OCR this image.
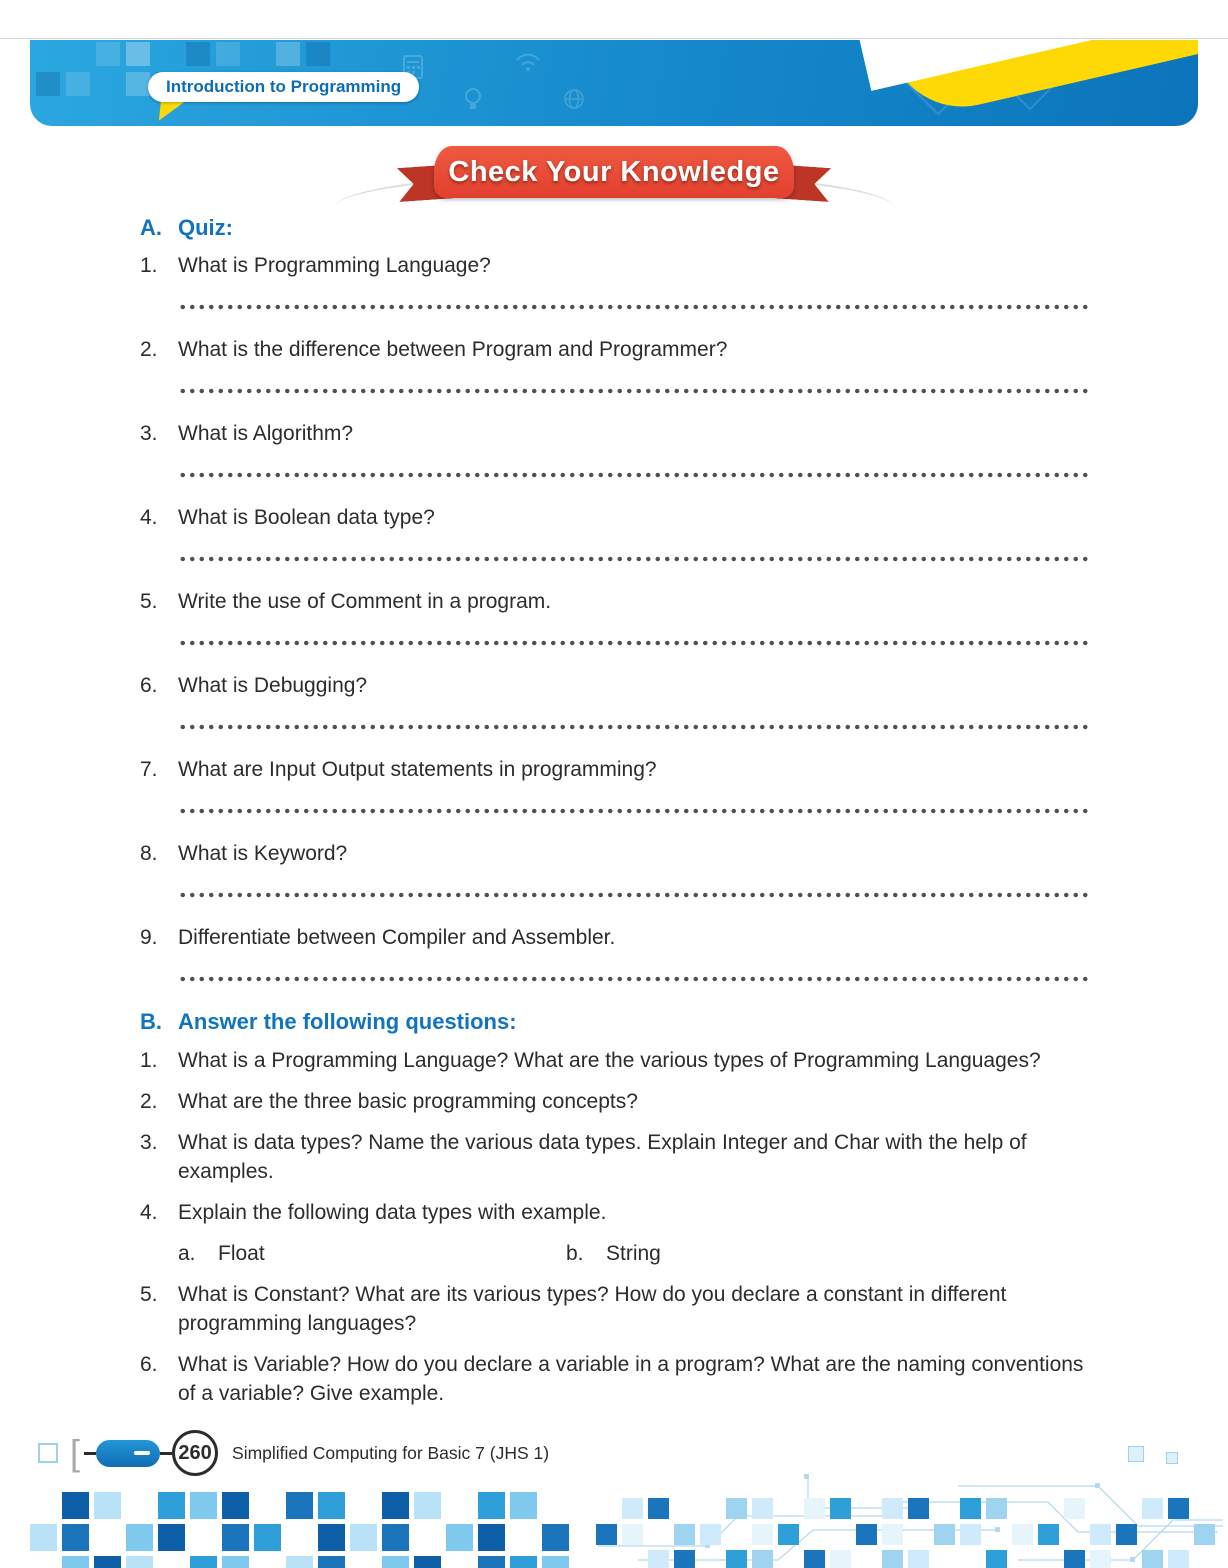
Introduction to Programming
Check Your Knowledge
A. Quiz:
1. What is Programming Language?
2. What is the difference between Program and Programmer?
3. What is Algorithm?
4. What is Boolean data type?
5. Write the use of Comment in a program.
6. What is Debugging?
7. What are Input Output statements in programming?
8. What is Keyword?
9. Differentiate between Compiler and Assembler.
B. Answer the following questions:
1. What is a Programming Language? What are the various types of Programming Languages?
2. What are the three basic programming concepts?
3. What is data types? Name the various data types. Explain Integer and Char with the help of examples.
4. Explain the following data types with example.
a.	Float	b.	String
5. What is Constant? What are its various types? How do you declare a constant in different programming languages?
6. What is Variable? How do you declare a variable in a program? What are the naming conventions of a variable? Give example.
[	260 Simplified Computing for Basic 7 (JHS 1)
